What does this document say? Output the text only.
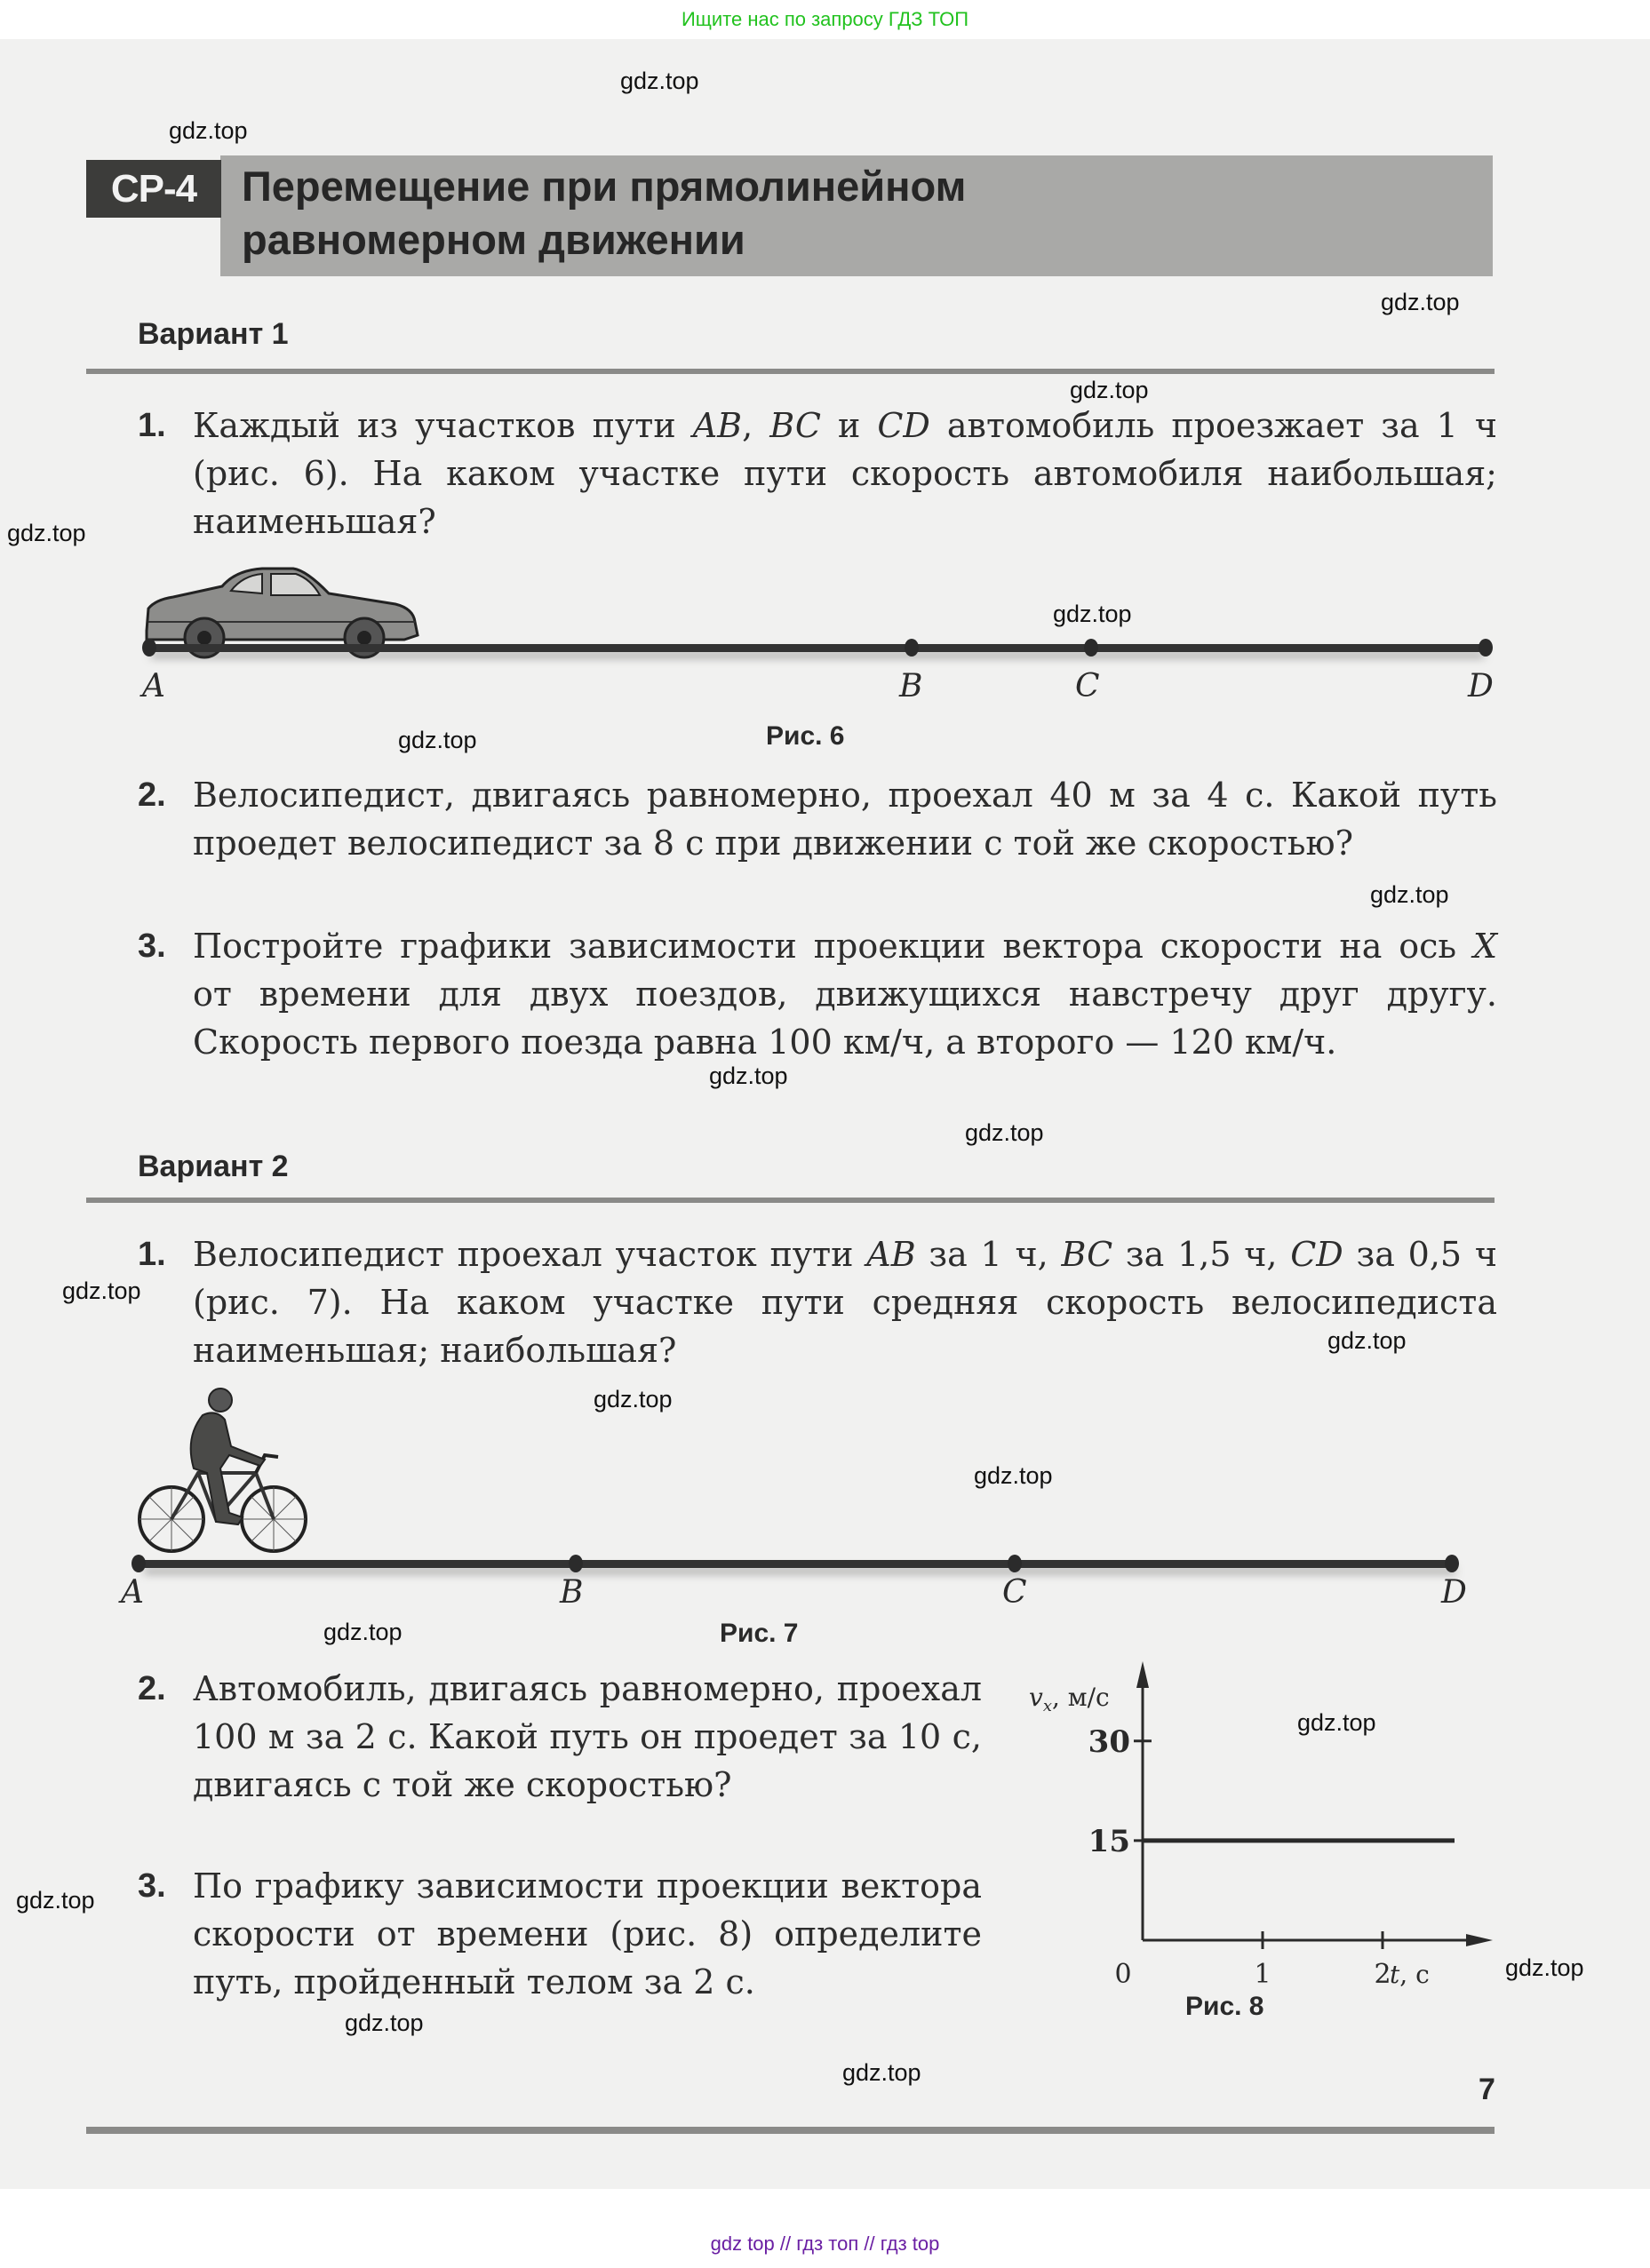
Ищите нас по запросу ГДЗ ТОП
gdz.top
gdz.top
gdz.top
gdz.top
gdz.top
gdz.top
gdz.top
gdz.top
gdz.top
gdz.top
gdz.top
gdz.top
gdz.top
gdz.top
gdz.top
gdz.top
gdz.top
gdz.top
gdz.top
gdz.top
СР-4	Перемещение при прямолинейном
равномерном движении
Вариант 1
1. Каждый из участков пути AB, BC и CD автомобиль проезжает за 1 ч (рис. 6). На каком участке пути скорость автомобиля наибольшая; наименьшая?
A	B	C	D
Рис. 6
2. Велосипедист, двигаясь равномерно, проехал 40 м за 4 с. Какой путь проедет велосипедист за 8 с при движении с той же скоростью?
3. Постройте графики зависимости проекции вектора скорости на ось X от времени для двух поездов, движущихся навстречу друг другу. Скорость первого поезда равна 100 км/ч, а второго — 120 км/ч.
Вариант 2
1. Велосипедист проехал участок пути AB за 1 ч, BC за 1,5 ч, CD за 0,5 ч (рис. 7). На каком участке пути средняя скорость велосипедиста наименьшая; наибольшая?
A	B	C	D
Рис. 7
2. Автомобиль, двигаясь равномерно, проехал 100 м за 2 с. Какой путь он проедет за 10 с, двигаясь с той же скоростью?
3. По графику зависимости проекции вектора скорости от времени (рис. 8) определите путь, пройденный телом за 2 с.
$v_x$, м/с
t, с
0	1	2
15
30
Рис. 8
7
gdz top // гдз топ // гдз top
